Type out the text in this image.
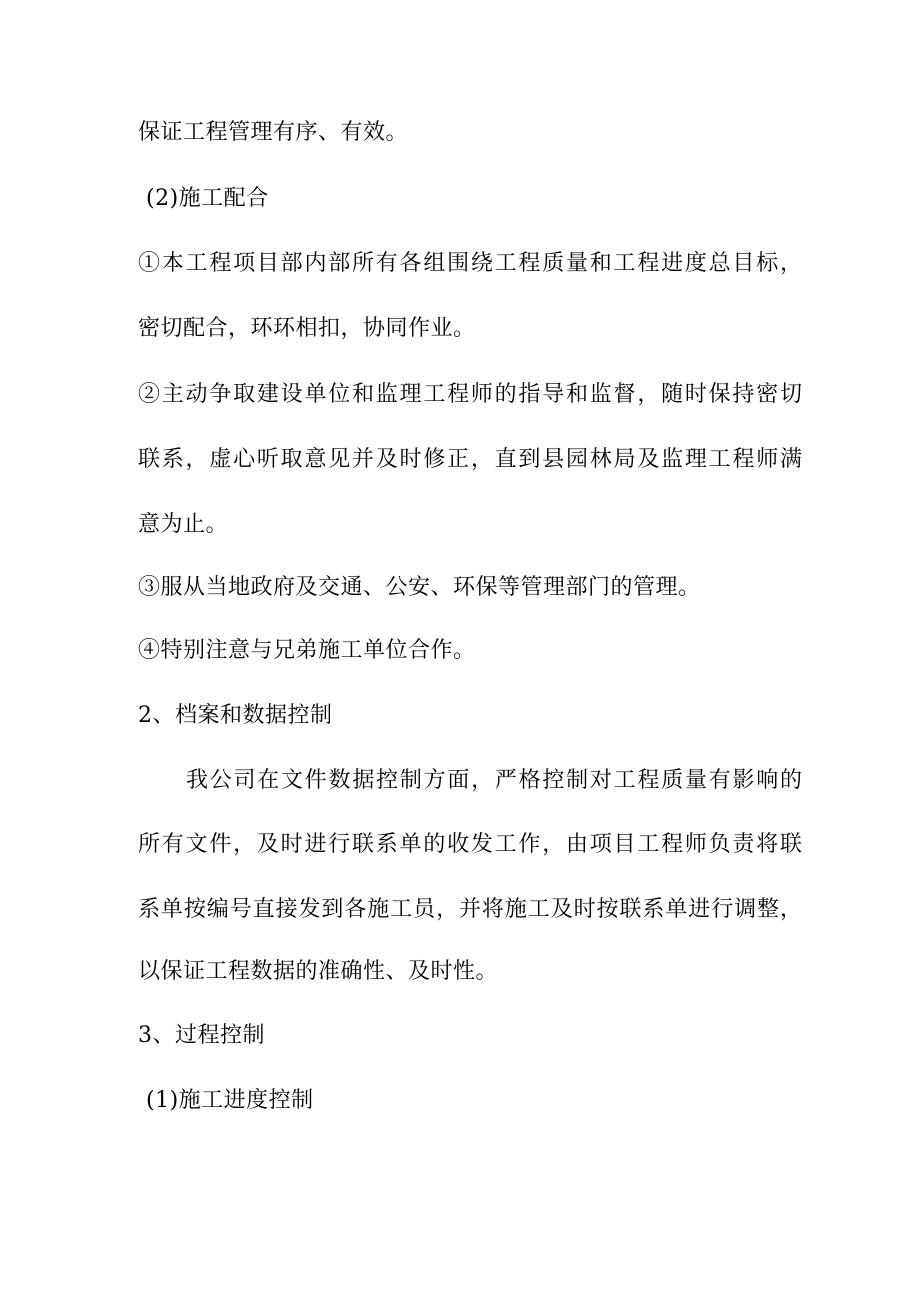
保证工程管理有序、有效。
(2)施工配合
①本工程项目部内部所有各组围绕工程质量和工程进度总目标，
密切配合，环环相扣，协同作业。
②主动争取建设单位和监理工程师的指导和监督，随时保持密切
联系，虚心听取意见并及时修正，直到县园林局及监理工程师满
意为止。
③服从当地政府及交通、公安、环保等管理部门的管理。
④特别注意与兄弟施工单位合作。
2、档案和数据控制
我公司在文件数据控制方面，严格控制对工程质量有影响的
所有文件，及时进行联系单的收发工作，由项目工程师负责将联
系单按编号直接发到各施工员，并将施工及时按联系单进行调整，
以保证工程数据的准确性、及时性。
3、过程控制
(1)施工进度控制
